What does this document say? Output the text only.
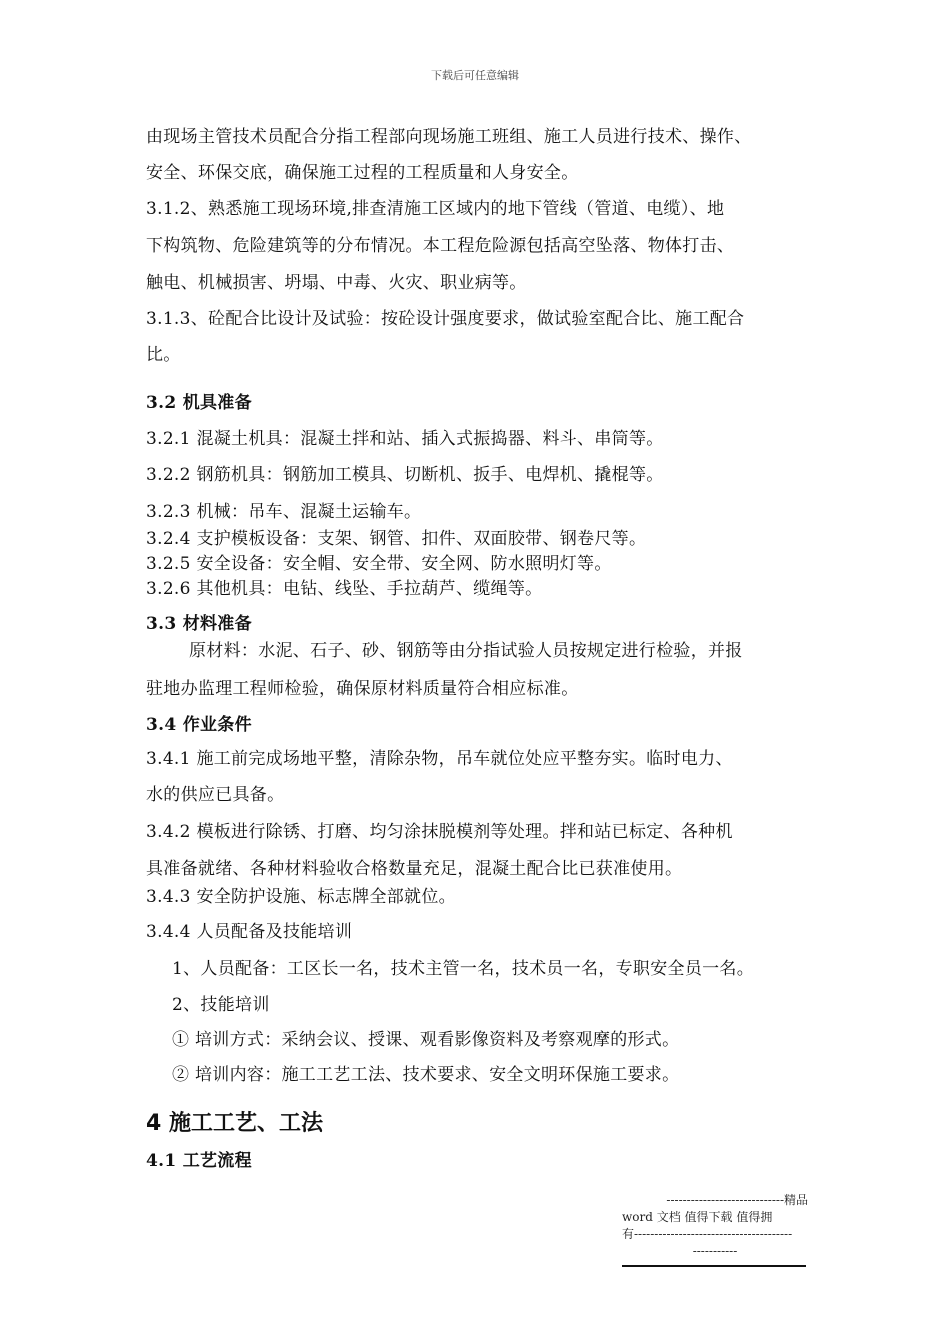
下载后可任意编辑
由现场主管技术员配合分指工程部向现场施工班组、施工人员进行技术、操作、
安全、环保交底，确保施工过程的工程质量和人身安全。
3.1.2、熟悉施工现场环境,排查清施工区域内的地下管线（管道、电缆）、地
下构筑物、危险建筑等的分布情况。本工程危险源包括高空坠落、物体打击、
触电、机械损害、坍塌、中毒、火灾、职业病等。
3.1.3、砼配合比设计及试验：按砼设计强度要求，做试验室配合比、施工配合
比。
3.2 机具准备
3.2.1 混凝土机具：混凝土拌和站、插入式振捣器、料斗、串筒等。
3.2.2 钢筋机具：钢筋加工模具、切断机、扳手、电焊机、撬棍等。
3.2.3 机械：吊车、混凝土运输车。
3.2.4 支护模板设备：支架、钢管、扣件、双面胶带、钢卷尺等。
3.2.5 安全设备：安全帽、安全带、安全网、防水照明灯等。
3.2.6 其他机具：电钻、线坠、手拉葫芦、缆绳等。
3.3 材料准备
原材料：水泥、石子、砂、钢筋等由分指试验人员按规定进行检验，并报
驻地办监理工程师检验，确保原材料质量符合相应标准。
3.4 作业条件
3.4.1 施工前完成场地平整，清除杂物，吊车就位处应平整夯实。临时电力、
水的供应已具备。
3.4.2 模板进行除锈、打磨、均匀涂抹脱模剂等处理。拌和站已标定、各种机
具准备就绪、各种材料验收合格数量充足，混凝土配合比已获准使用。
3.4.3 安全防护设施、标志牌全部就位。
3.4.4 人员配备及技能培训
1、人员配备：工区长一名，技术主管一名，技术员一名，专职安全员一名。
2、技能培训
① 培训方式：采纳会议、授课、观看影像资料及考察观摩的形式。
② 培训内容：施工工艺工法、技术要求、安全文明环保施工要求。
4 施工工艺、工法
4.1 工艺流程
-----------------------------精品
word 文档 值得下载 值得拥
有---------------------------------------
-----------
